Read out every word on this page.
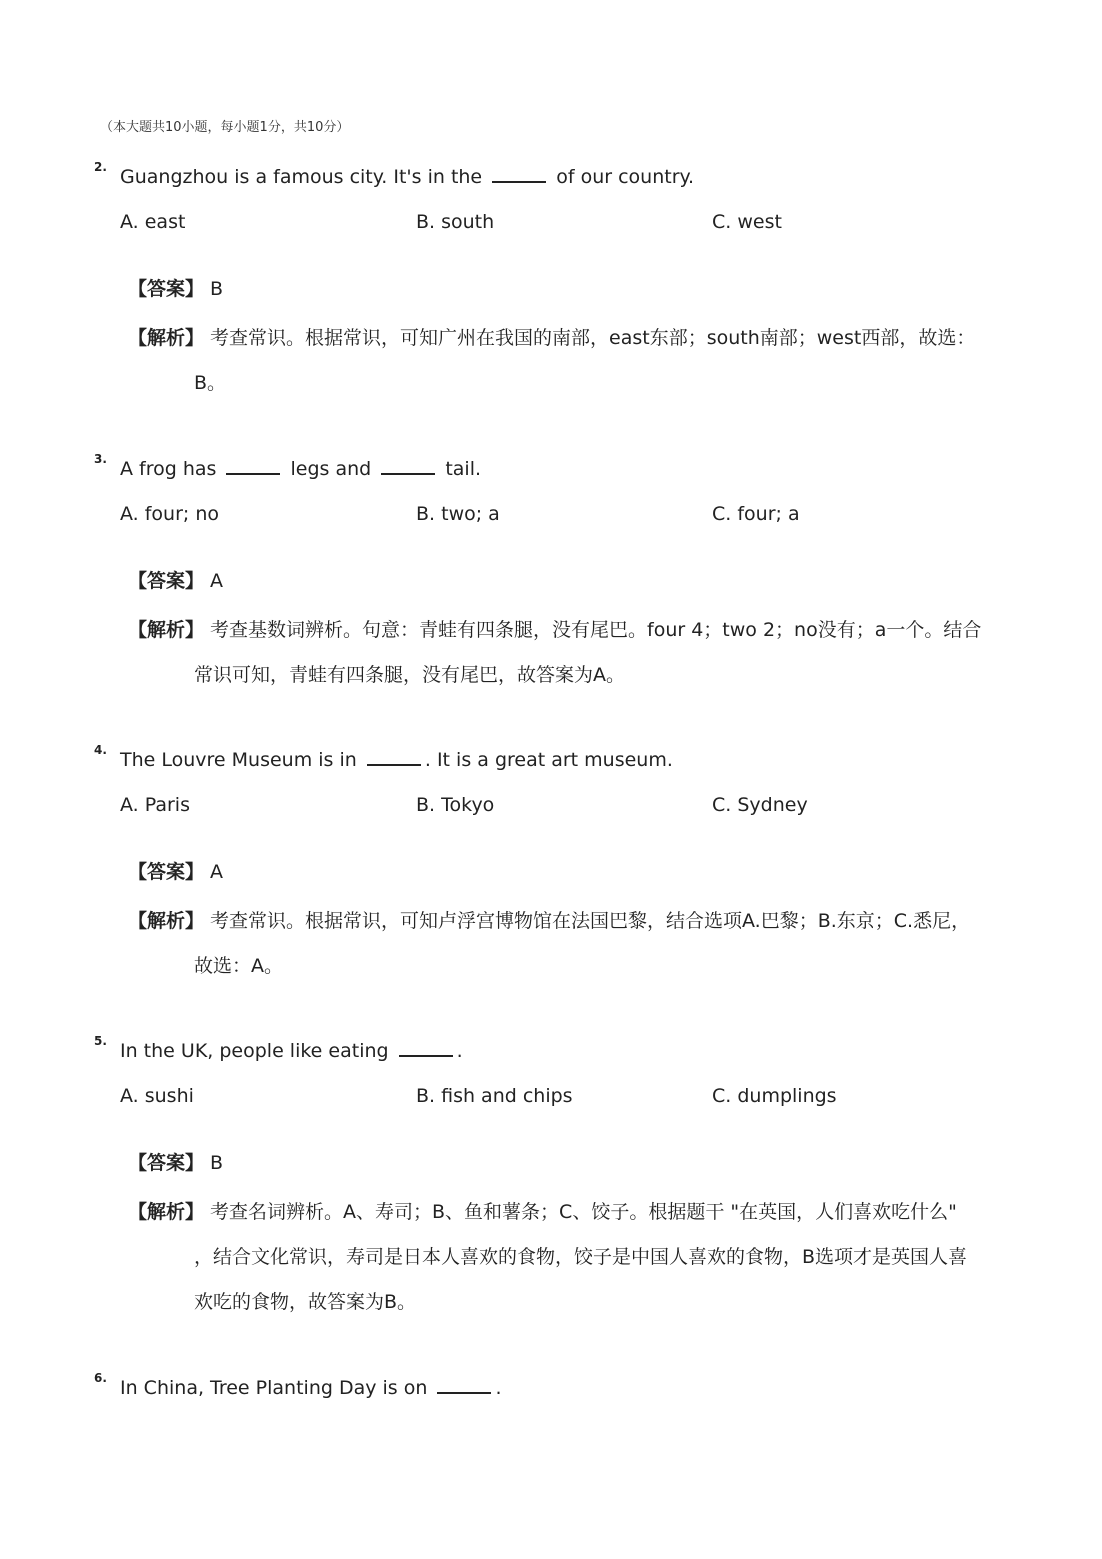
（本大题共10小题，每小题1分，共10分）
2. Guangzhou is a famous city. It's in the	of our country.
A. east	B. south	C. west
【答案】 B
【解析】 考查常识。根据常识，可知广州在我国的南部，east东部；south南部；west西部，故选：
B。
3. A frog has	legs and	tail.
A. four; no	B. two; a	C. four; a
【答案】 A
【解析】 考查基数词辨析。句意：青蛙有四条腿，没有尾巴。four 4；two 2；no没有；a一个。结合
常识可知，青蛙有四条腿，没有尾巴，故答案为A。
4. The Louvre Museum is in	. It is a great art museum.
A. Paris	B. Tokyo	C. Sydney
【答案】 A
【解析】 考查常识。根据常识，可知卢浮宫博物馆在法国巴黎，结合选项A.巴黎；B.东京；C.悉尼，
故选：A。
5. In the UK, people like eating	.
A. sushi	B. fish and chips	C. dumplings
【答案】 B
【解析】 考查名词辨析。A、寿司；B、鱼和薯条；C、饺子。根据题干 "在英国，人们喜欢吃什么"
，结合文化常识，寿司是日本人喜欢的食物，饺子是中国人喜欢的食物，B选项才是英国人喜
欢吃的食物，故答案为B。
6. In China, Tree Planting Day is on	.
